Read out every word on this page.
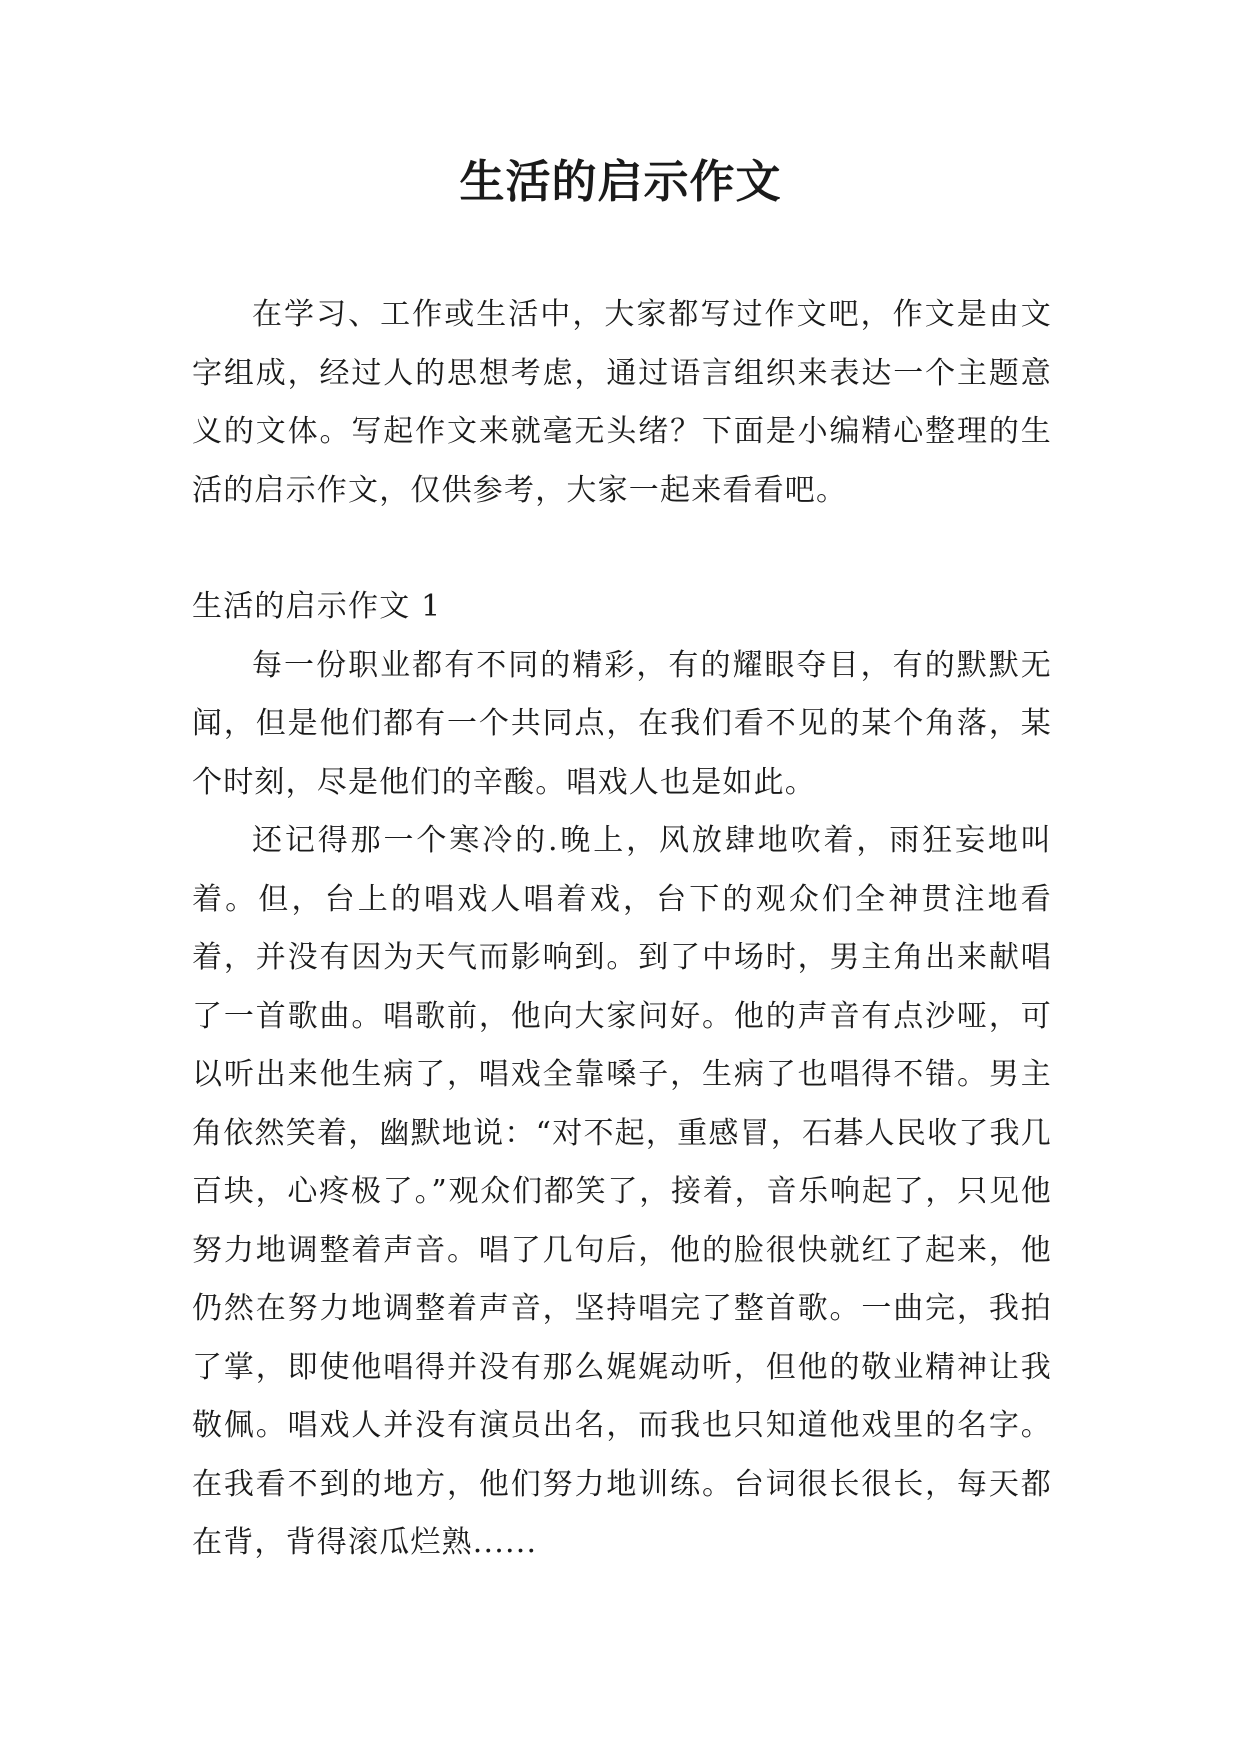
生活的启示作文

在学习、工作或生活中，大家都写过作文吧，作文是由文字组成，经过人的思想考虑，通过语言组织来表达一个主题意义的文体。写起作文来就毫无头绪？下面是小编精心整理的生活的启示作文，仅供参考，大家一起来看看吧。

生活的启示作文 1

每一份职业都有不同的精彩，有的耀眼夺目，有的默默无闻，但是他们都有一个共同点，在我们看不见的某个角落，某个时刻，尽是他们的辛酸。唱戏人也是如此。

还记得那一个寒冷的.晚上，风放肆地吹着，雨狂妄地叫着。但，台上的唱戏人唱着戏，台下的观众们全神贯注地看着，并没有因为天气而影响到。到了中场时，男主角出来献唱了一首歌曲。唱歌前，他向大家问好。他的声音有点沙哑，可以听出来他生病了，唱戏全靠嗓子，生病了也唱得不错。男主角依然笑着，幽默地说：“对不起，重感冒，石碁人民收了我几百块，心疼极了。”观众们都笑了，接着，音乐响起了，只见他努力地调整着声音。唱了几句后，他的脸很快就红了起来，他仍然在努力地调整着声音，坚持唱完了整首歌。一曲完，我拍了掌，即使他唱得并没有那么娓娓动听，但他的敬业精神让我敬佩。唱戏人并没有演员出名，而我也只知道他戏里的名字。在我看不到的地方，他们努力地训练。台词很长很长，每天都在背，背得滚瓜烂熟......
